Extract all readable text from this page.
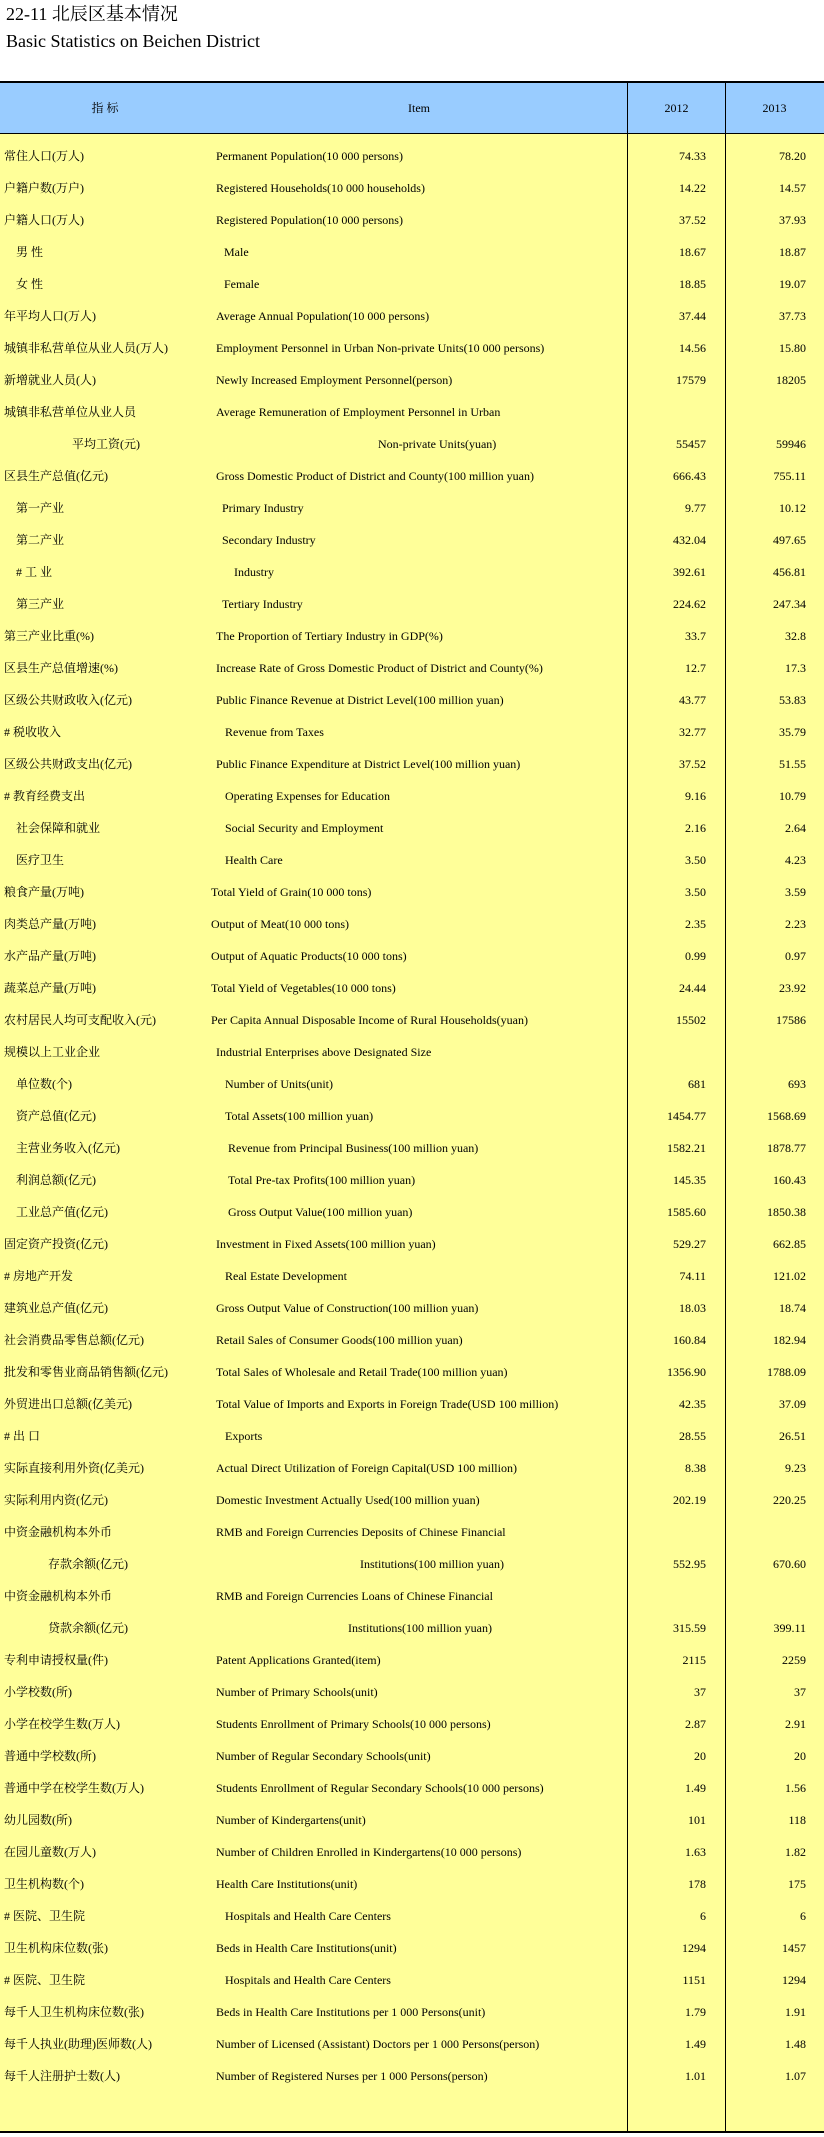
22-11 北辰区基本情况
Basic Statistics on Beichen District
指 标	Item	2012	2013
常住人口(万人)	Permanent Population(10 000 persons)	74.33	78.20
户籍户数(万户)	Registered Households(10 000 households)	14.22	14.57
户籍人口(万人)	Registered Population(10 000 persons)	37.52	37.93
男 性	Male	18.67	18.87
女 性	Female	18.85	19.07
年平均人口(万人)	Average Annual Population(10 000 persons)	37.44	37.73
城镇非私营单位从业人员(万人)	Employment Personnel in Urban Non-private Units(10 000 persons)	14.56	15.80
新增就业人员(人)	Newly Increased Employment Personnel(person)	17579	18205
城镇非私营单位从业人员	Average Remuneration of Employment Personnel in Urban
平均工资(元)	Non-private Units(yuan)	55457	59946
区县生产总值(亿元)	Gross Domestic Product of District and County(100 million yuan)	666.43	755.11
第一产业	Primary Industry	9.77	10.12
第二产业	Secondary Industry	432.04	497.65
# 工 业	Industry	392.61	456.81
第三产业	Tertiary Industry	224.62	247.34
第三产业比重(%)	The Proportion of Tertiary Industry in GDP(%)	33.7	32.8
区县生产总值增速(%)	Increase Rate of Gross Domestic Product of District and County(%)	12.7	17.3
区级公共财政收入(亿元)	Public Finance Revenue at District Level(100 million yuan)	43.77	53.83
# 税收收入	Revenue from Taxes	32.77	35.79
区级公共财政支出(亿元)	Public Finance Expenditure at District Level(100 million yuan)	37.52	51.55
# 教育经费支出	Operating Expenses for Education	9.16	10.79
社会保障和就业	Social Security and Employment	2.16	2.64
医疗卫生	Health Care	3.50	4.23
粮食产量(万吨)	Total Yield of Grain(10 000 tons)	3.50	3.59
肉类总产量(万吨)	Output of Meat(10 000 tons)	2.35	2.23
水产品产量(万吨)	Output of Aquatic Products(10 000 tons)	0.99	0.97
蔬菜总产量(万吨)	Total Yield of Vegetables(10 000 tons)	24.44	23.92
农村居民人均可支配收入(元)	Per Capita Annual Disposable Income of Rural Households(yuan)	15502	17586
规模以上工业企业	Industrial Enterprises above Designated Size
单位数(个)	Number of Units(unit)	681	693
资产总值(亿元)	Total Assets(100 million yuan)	1454.77	1568.69
主营业务收入(亿元)	Revenue from Principal Business(100 million yuan)	1582.21	1878.77
利润总额(亿元)	Total Pre-tax Profits(100 million yuan)	145.35	160.43
工业总产值(亿元)	Gross Output Value(100 million yuan)	1585.60	1850.38
固定资产投资(亿元)	Investment in Fixed Assets(100 million yuan)	529.27	662.85
# 房地产开发	Real Estate Development	74.11	121.02
建筑业总产值(亿元)	Gross Output Value of Construction(100 million yuan)	18.03	18.74
社会消费品零售总额(亿元)	Retail Sales of Consumer Goods(100 million yuan)	160.84	182.94
批发和零售业商品销售额(亿元)	Total Sales of Wholesale and Retail Trade(100 million yuan)	1356.90	1788.09
外贸进出口总额(亿美元)	Total Value of Imports and Exports in Foreign Trade(USD 100 million)	42.35	37.09
# 出 口	Exports	28.55	26.51
实际直接利用外资(亿美元)	Actual Direct Utilization of Foreign Capital(USD 100 million)	8.38	9.23
实际利用内资(亿元)	Domestic Investment Actually Used(100 million yuan)	202.19	220.25
中资金融机构本外币	RMB and Foreign Currencies Deposits of Chinese Financial
存款余额(亿元)	Institutions(100 million yuan)	552.95	670.60
中资金融机构本外币	RMB and Foreign Currencies Loans of Chinese Financial
贷款余额(亿元)	Institutions(100 million yuan)	315.59	399.11
专利申请授权量(件)	Patent Applications Granted(item)	2115	2259
小学校数(所)	Number of Primary Schools(unit)	37	37
小学在校学生数(万人)	Students Enrollment of Primary Schools(10 000 persons)	2.87	2.91
普通中学校数(所)	Number of Regular Secondary Schools(unit)	20	20
普通中学在校学生数(万人)	Students Enrollment of Regular Secondary Schools(10 000 persons)	1.49	1.56
幼儿园数(所)	Number of Kindergartens(unit)	101	118
在园儿童数(万人)	Number of Children Enrolled in Kindergartens(10 000 persons)	1.63	1.82
卫生机构数(个)	Health Care Institutions(unit)	178	175
# 医院、卫生院	Hospitals and Health Care Centers	6	6
卫生机构床位数(张)	Beds in Health Care Institutions(unit)	1294	1457
# 医院、卫生院	Hospitals and Health Care Centers	1151	1294
每千人卫生机构床位数(张)	Beds in Health Care Institutions per 1 000 Persons(unit)	1.79	1.91
每千人执业(助理)医师数(人)	Number of Licensed (Assistant) Doctors per 1 000 Persons(person)	1.49	1.48
每千人注册护士数(人)	Number of Registered Nurses per 1 000 Persons(person)	1.01	1.07
